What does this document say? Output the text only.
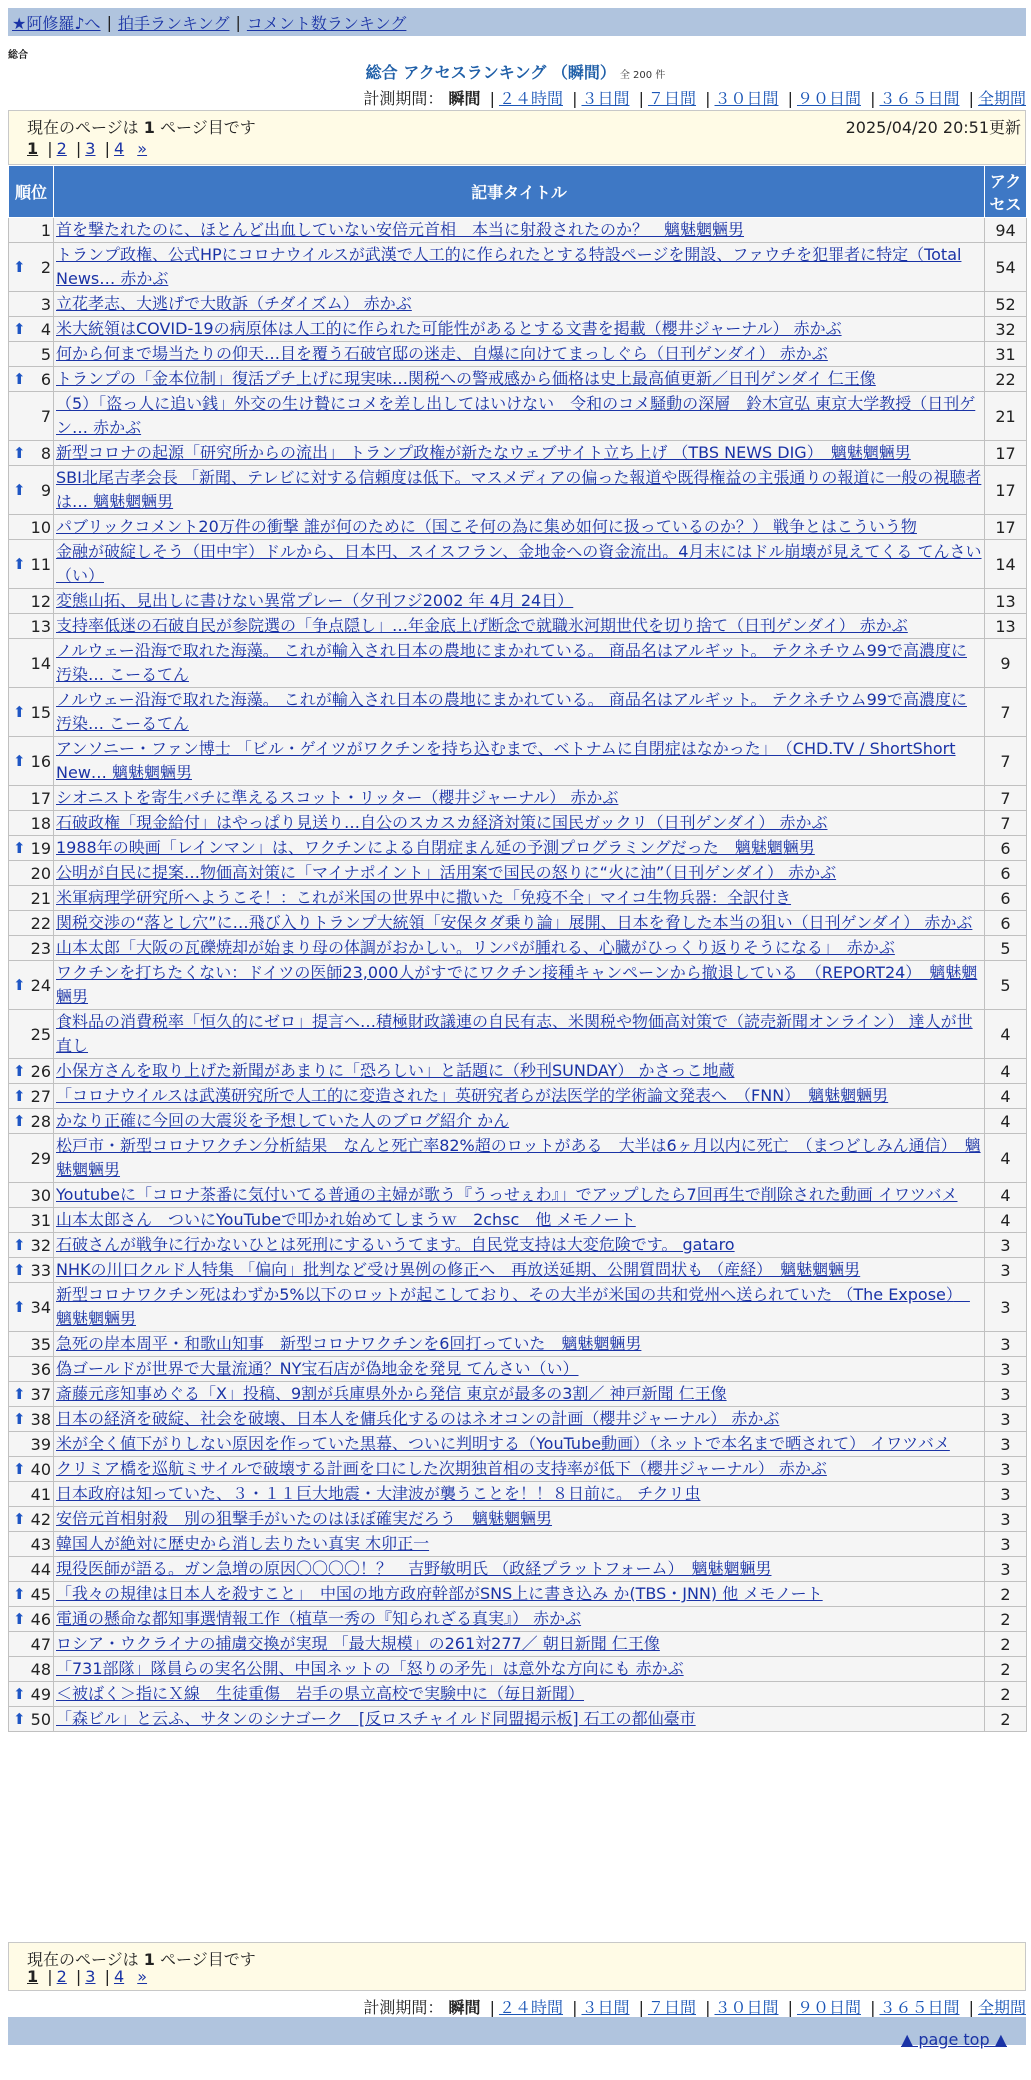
★阿修羅♪へ | 拍手ランキング | コメント数ランキング
総合
総合 アクセスランキング （瞬間） 全 200 件
計測期間： 瞬間 | ２４時間 | ３日間 | ７日間 | ３０日間 | ９０日間 | ３６５日間 | 全期間
現在のページは 1 ページ目です	2025/04/20 20:51更新
1 | 2 | 3 | 4 »
順位	記事タイトル	アクセス
1	首を撃たれたのに、ほとんど出血していない安倍元首相　本当に射殺されたのか？　魑魅魍魎男	94

⬆ 2	トランプ政権、公式HPにコロナウイルスが武漢で人工的に作られたとする特設ページを開設、ファウチを犯罪者に特定（Total News… 赤かぶ	54
3	立花孝志、大逃げで大敗訴（チダイズム） 赤かぶ	52

⬆ 4	米大統領はCOVID-19の病原体は人工的に作られた可能性があるとする文書を掲載（櫻井ジャーナル） 赤かぶ	32
5	何から何まで場当たりの仰天…目を覆う石破官邸の迷走、自爆に向けてまっしぐら（日刊ゲンダイ） 赤かぶ	31

⬆ 6	トランプの「金本位制」復活プチ上げに現実味…関税への警戒感から価格は史上最高値更新／日刊ゲンダイ 仁王像	22
7	（5）「盗っ人に追い銭」外交の生け贄にコメを差し出してはいけない　令和のコメ騒動の深層　鈴木宣弘 東京大学教授（日刊ゲン… 赤かぶ	21

⬆ 8	新型コロナの起源「研究所からの流出」 トランプ政権が新たなウェブサイト立ち上げ （TBS NEWS DIG）　魑魅魍魎男	17

⬆ 9	SBI北尾吉孝会長 「新聞、テレビに対する信頼度は低下。マスメディアの偏った報道や既得権益の主張通りの報道に一般の視聴者は… 魑魅魍魎男	17
10	パブリックコメント20万件の衝撃 誰が何のために（国こそ何の為に集め如何に扱っているのか？） 戦争とはこういう物	17

⬆ 11	金融が破綻しそう（田中宇）ドルから、日本円、スイスフラン、金地金への資金流出。4月末にはドル崩壊が見えてくる てんさい（い）	14
12	変態山拓、見出しに書けない異常プレー（夕刊フジ2002 年 4月 24日）	13
13	支持率低迷の石破自民が参院選の「争点隠し」…年金底上げ断念で就職氷河期世代を切り捨て（日刊ゲンダイ） 赤かぶ	13
14	ノルウェー沿海で取れた海藻。 これが輸入され日本の農地にまかれている。 商品名はアルギット。 テクネチウム99で高濃度に汚染… こーるてん	9

⬆ 15	ノルウェー沿海で取れた海藻。 これが輸入され日本の農地にまかれている。 商品名はアルギット。 テクネチウム99で高濃度に汚染… こーるてん	7

⬆ 16	アンソニー・ファン博士 「ビル・ゲイツがワクチンを持ち込むまで、ベトナムに自閉症はなかった」　（CHD.TV / ShortShort New… 魑魅魍魎男	7
17	シオニストを寄生バチに準えるスコット・リッター（櫻井ジャーナル） 赤かぶ	7
18	石破政権「現金給付」はやっぱり見送り…自公のスカスカ経済対策に国民ガックリ（日刊ゲンダイ） 赤かぶ	7

⬆ 19	1988年の映画「レインマン」は、ワクチンによる自閉症まん延の予測プログラミングだった　魑魅魍魎男	6
20	公明が自民に提案…物価高対策に「マイナポイント」活用案で国民の怒りに“火に油”（日刊ゲンダイ） 赤かぶ	6
21	米軍病理学研究所へようこそ！：これが米国の世界中に撒いた「免疫不全」マイコ生物兵器：全訳付き	6
22	関税交渉の“落とし穴”に…飛び入りトランプ大統領「安保タダ乗り論」展開、日本を脅した本当の狙い（日刊ゲンダイ） 赤かぶ	6
23	山本太郎「大阪の瓦礫焼却が始まり母の体調がおかしい。リンパが腫れる、心臓がひっくり返りそうになる」　赤かぶ	5

⬆ 24	ワクチンを打ちたくない：ドイツの医師23,000人がすでにワクチン接種キャンペーンから撤退している　（REPORT24）　魑魅魍魎男	5
25	食料品の消費税率「恒久的にゼロ」提言へ…積極財政議連の自民有志、米関税や物価高対策で（読売新聞オンライン） 達人が世直し	4

⬆ 26	小保方さんを取り上げた新聞があまりに「恐ろしい」と話題に（秒刊SUNDAY） かさっこ地蔵	4

⬆ 27	「コロナウイルスは武漢研究所で人工的に変造された」英研究者らが法医学的学術論文発表へ　（FNN）　魑魅魍魎男	4

⬆ 28	かなり正確に今回の大震災を予想していた人のブログ紹介 かん	4
29	松戸市・新型コロナワクチン分析結果　なんと死亡率82%超のロットがある　大半は6ヶ月以内に死亡　（まつどしみん通信）　魑魅魍魎男	4
30	Youtubeに「コロナ茶番に気付いてる普通の主婦が歌う『うっせぇわ』」でアップしたら7回再生で削除された動画 イワツバメ	4
31	山本太郎さん　ついにYouTubeで叩かれ始めてしまうｗ　2chsc　他 メモノート	4

⬆ 32	石破さんが戦争に行かないひとは死刑にするいうてます。自民党支持は大変危険です。 gataro	3

⬆ 33	NHKの川口クルド人特集 「偏向」批判など受け異例の修正へ　再放送延期、公開質問状も （産経）　魑魅魍魎男	3

⬆ 34	新型コロナワクチン死はわずか5%以下のロットが起こしており、その大半が米国の共和党州へ送られていた （The Expose）　魑魅魍魎男	3
35	急死の岸本周平・和歌山知事　新型コロナワクチンを6回打っていた　魑魅魍魎男	3
36	偽ゴールドが世界で大量流通？NY宝石店が偽地金を発見 てんさい（い）	3

⬆ 37	斎藤元彦知事めぐる「X」投稿、9割が兵庫県外から発信 東京が最多の3割／ 神戸新聞 仁王像	3

⬆ 38	日本の経済を破綻、社会を破壊、日本人を傭兵化するのはネオコンの計画（櫻井ジャーナル） 赤かぶ	3
39	米が全く値下がりしない原因を作っていた黒幕、ついに判明する（YouTube動画）（ネットで本名まで晒されて） イワツバメ	3

⬆ 40	クリミア橋を巡航ミサイルで破壊する計画を口にした次期独首相の支持率が低下（櫻井ジャーナル） 赤かぶ	3
41	日本政府は知っていた、３・１１巨大地震・大津波が襲うことを！！８日前に。 チクリ虫	3

⬆ 42	安倍元首相射殺　別の狙撃手がいたのはほぼ確実だろう　魑魅魍魎男	3
43	韓国人が絶対に歴史から消し去りたい真実 木卯正一	3
44	現役医師が語る。ガン急増の原因〇〇〇〇！？　吉野敏明氏 （政経プラットフォーム）　魑魅魍魎男	3

⬆ 45	「我々の規律は日本人を殺すこと」　中国の地方政府幹部がSNS上に書き込み か(TBS・JNN) 他 メモノート	2

⬆ 46	電通の懸命な都知事選情報工作（植草一秀の『知られざる真実』） 赤かぶ	2
47	ロシア・ウクライナの捕虜交換が実現 「最大規模」の261対277／ 朝日新聞 仁王像	2
48	「731部隊」隊員らの実名公開、中国ネットの「怒りの矛先」は意外な方向にも 赤かぶ	2

⬆ 49	＜被ばく＞指にＸ線　生徒重傷　岩手の県立高校で実験中に（毎日新聞）	2

⬆ 50	「森ビル」と云ふ、サタンのシナゴーク　[反ロスチャイルド同盟掲示板] 石工の都仙臺市	2
現在のページは 1 ページ目です
1 | 2 | 3 | 4 »
計測期間： 瞬間 | ２４時間 | ３日間 | ７日間 | ３０日間 | ９０日間 | ３６５日間 | 全期間
▲ page top ▲
